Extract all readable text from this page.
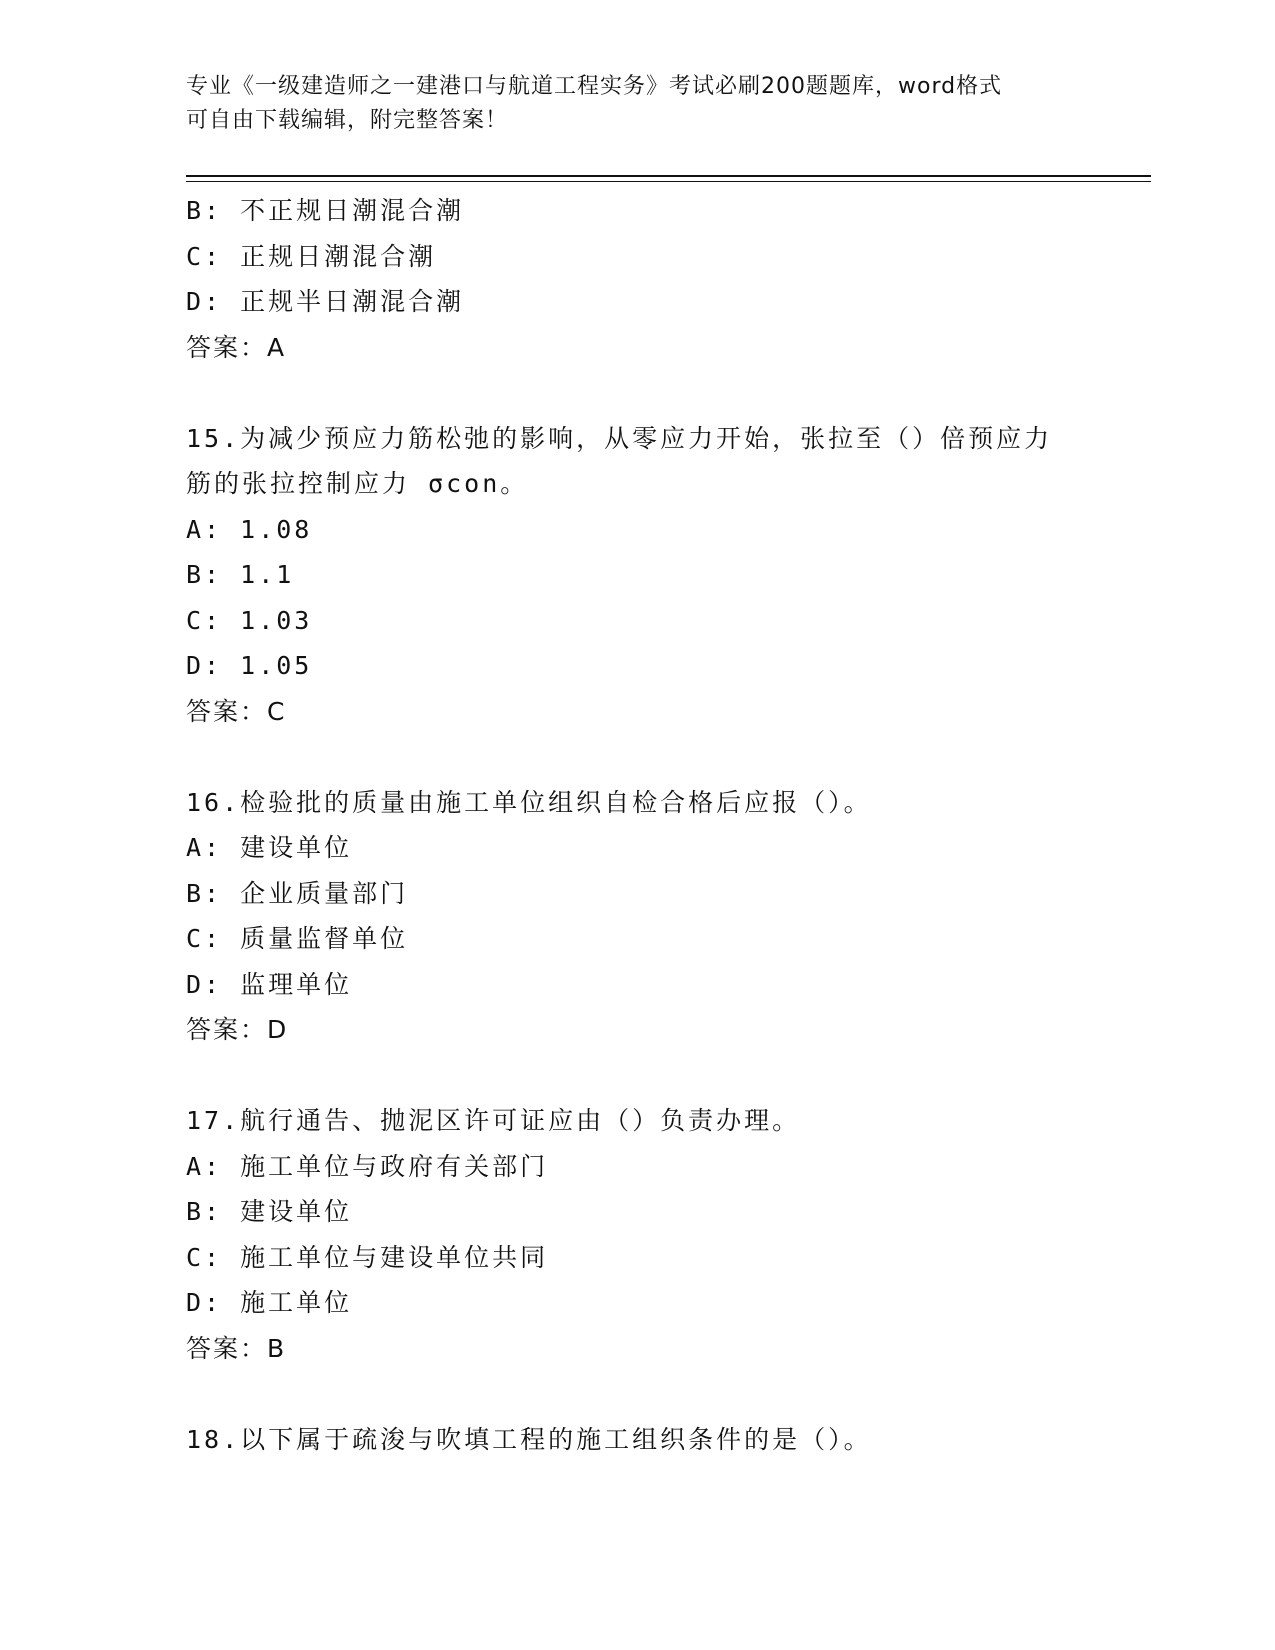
专业《一级建造师之一建港口与航道工程实务》考试必刷200题题库，word格式
可自由下载编辑，附完整答案！
B: 不正规日潮混合潮
C: 正规日潮混合潮
D: 正规半日潮混合潮
答案：A
15.为减少预应力筋松弛的影响，从零应力开始，张拉至（）倍预应力
筋的张拉控制应力 σcon。
A: 1.08
B: 1.1
C: 1.03
D: 1.05
答案：C
16.检验批的质量由施工单位组织自检合格后应报（）。
A: 建设单位
B: 企业质量部门
C: 质量监督单位
D: 监理单位
答案：D
17.航行通告、抛泥区许可证应由（）负责办理。
A: 施工单位与政府有关部门
B: 建设单位
C: 施工单位与建设单位共同
D: 施工单位
答案：B
18.以下属于疏浚与吹填工程的施工组织条件的是（）。
